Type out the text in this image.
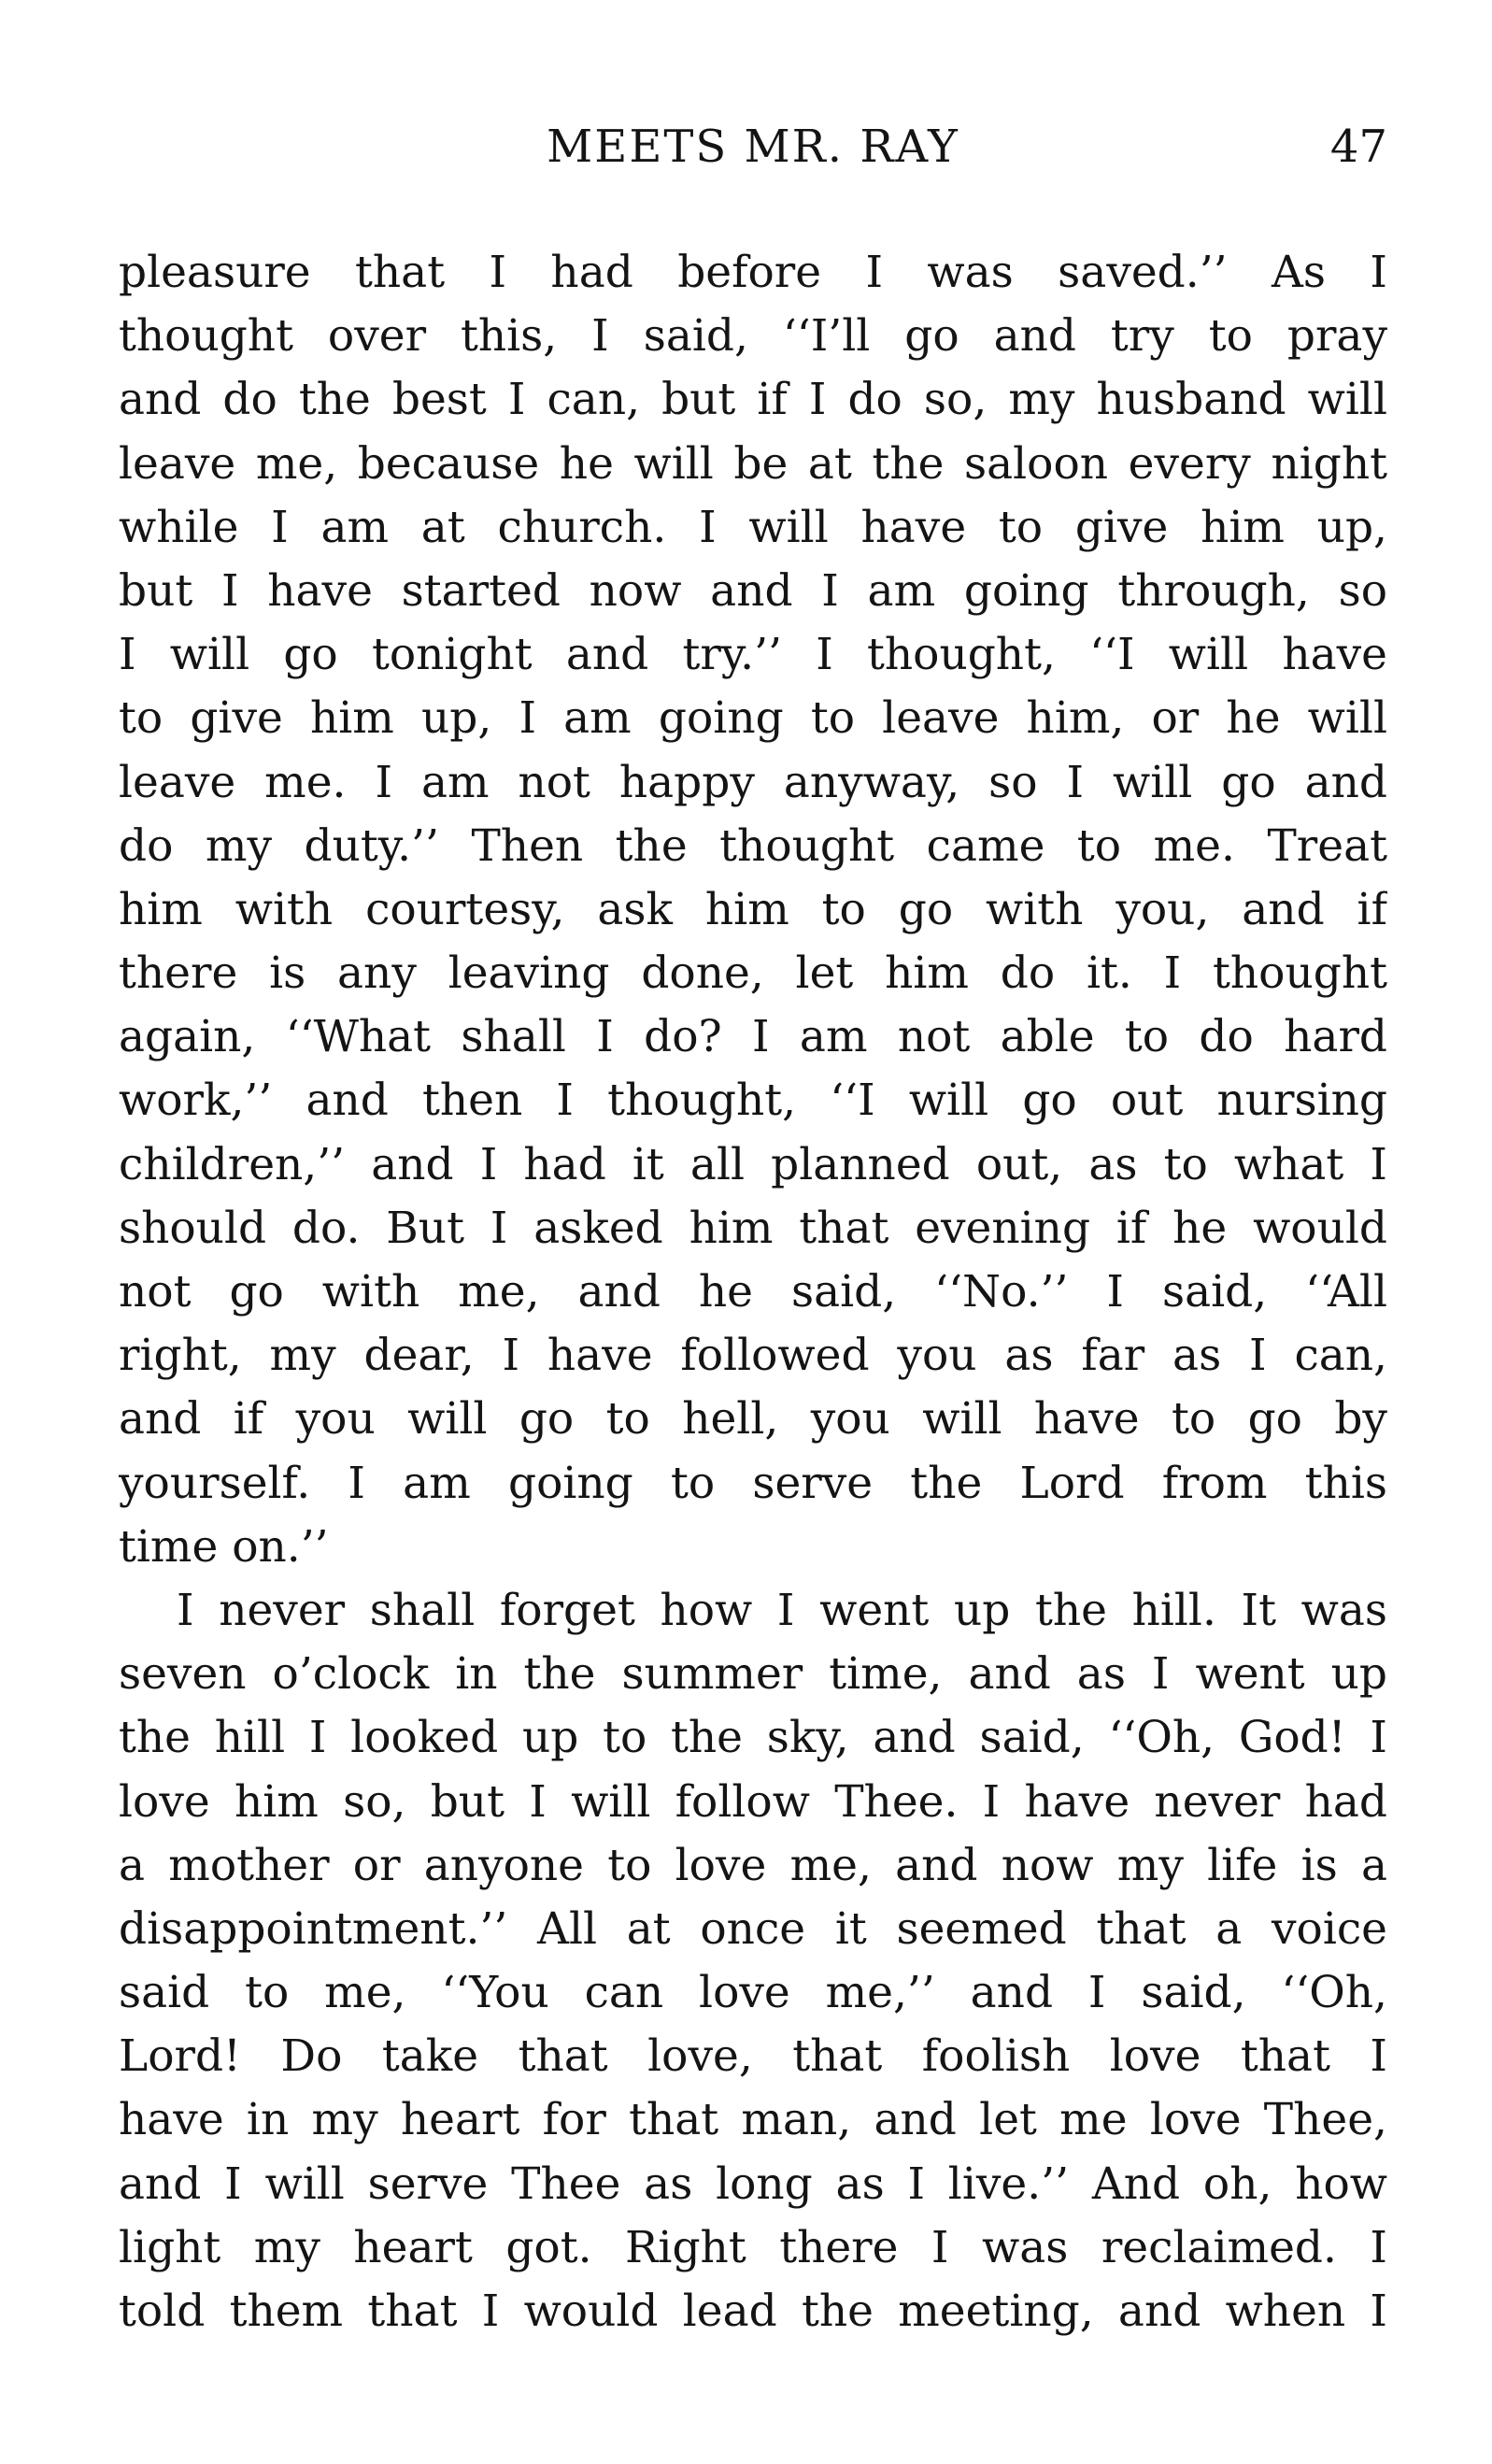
MEETS MR. RAY	47
pleasure that I had before I was saved.’’ As I
thought over this, I said, ‘‘I’ll go and try to pray
and do the best I can, but if I do so, my husband will
leave me, because he will be at the saloon every night
while I am at church. I will have to give him up,
but I have started now and I am going through, so
I will go tonight and try.’’ I thought, ‘‘I will have
to give him up, I am going to leave him, or he will
leave me. I am not happy anyway, so I will go and
do my duty.’’ Then the thought came to me. Treat
him with courtesy, ask him to go with you, and if
there is any leaving done, let him do it. I thought
again, ‘‘What shall I do? I am not able to do hard
work,’’ and then I thought, ‘‘I will go out nursing
children,’’ and I had it all planned out, as to what I
should do. But I asked him that evening if he would
not go with me, and he said, ‘‘No.’’ I said, ‘‘All
right, my dear, I have followed you as far as I can,
and if you will go to hell, you will have to go by
yourself. I am going to serve the Lord from this
time on.’’
I never shall forget how I went up the hill. It was
seven o’clock in the summer time, and as I went up
the hill I looked up to the sky, and said, ‘‘Oh, God! I
love him so, but I will follow Thee. I have never had
a mother or anyone to love me, and now my life is a
disappointment.’’ All at once it seemed that a voice
said to me, ‘‘You can love me,’’ and I said, ‘‘Oh,
Lord! Do take that love, that foolish love that I
have in my heart for that man, and let me love Thee,
and I will serve Thee as long as I live.’’ And oh, how
light my heart got. Right there I was reclaimed. I
told them that I would lead the meeting, and when I
